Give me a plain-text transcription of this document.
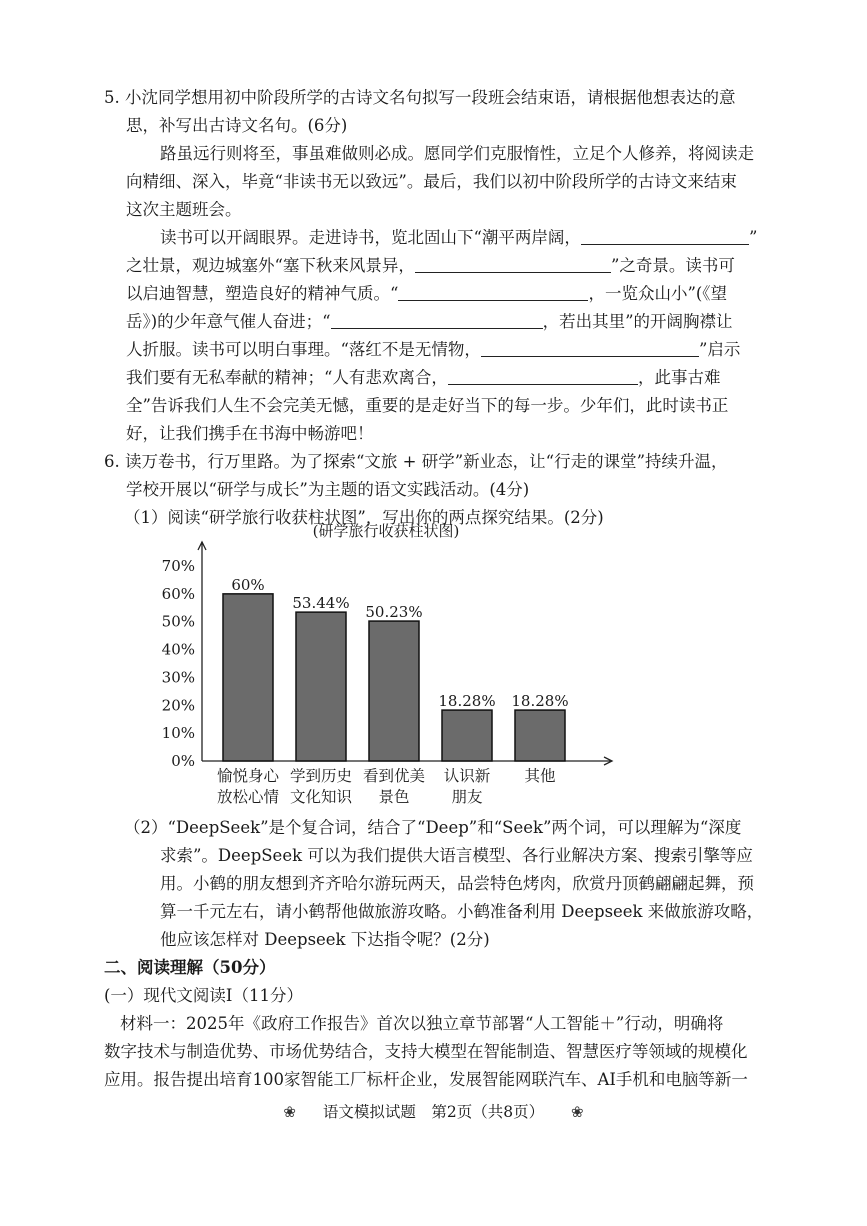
5. 小沈同学想用初中阶段所学的古诗文名句拟写一段班会结束语，请根据他想表达的意
思，补写出古诗文名句。(6分)
路虽远行则将至，事虽难做则必成。愿同学们克服惰性，立足个人修养，将阅读走
向精细、深入，毕竟“非读书无以致远”。最后，我们以初中阶段所学的古诗文来结束
这次主题班会。
读书可以开阔眼界。走进诗书，览北固山下“潮平两岸阔，	”
之壮景，观边城塞外“塞下秋来风景异，	”之奇景。读书可
以启迪智慧，塑造良好的精神气质。“	，一览众山小”(《望
岳》)的少年意气催人奋进；“	，若出其里”的开阔胸襟让
人折服。读书可以明白事理。“落红不是无情物，	”启示
我们要有无私奉献的精神；“人有悲欢离合，	，此事古难
全”告诉我们人生不会完美无憾，重要的是走好当下的每一步。少年们，此时读书正
好，让我们携手在书海中畅游吧！
6. 读万卷书，行万里路。为了探索“文旅 + 研学”新业态，让“行走的课堂”持续升温，
学校开展以“研学与成长”为主题的语文实践活动。(4分)
（1）阅读“研学旅行收获柱状图”，写出你的两点探究结果。(2分)
(研学旅行收获柱状图)
0%
10%
20%
30%
40%
50%
60%
70%
60%
愉悦身心
放松心情
53.44%
学到历史
文化知识
50.23%
看到优美
景色
18.28%
认识新
朋友
18.28%
其他
（2）“DeepSeek”是个复合词，结合了“Deep”和“Seek”两个词，可以理解为“深度
求索”。DeepSeek 可以为我们提供大语言模型、各行业解决方案、搜索引擎等应
用。小鹤的朋友想到齐齐哈尔游玩两天，品尝特色烤肉，欣赏丹顶鹤翩翩起舞，预
算一千元左右，请小鹤帮他做旅游攻略。小鹤准备利用 Deepseek 来做旅游攻略，
他应该怎样对 Deepseek 下达指令呢？(2分)
二、阅读理解（50分）
(一）现代文阅读Ⅰ（11分）
材料一：2025年《政府工作报告》首次以独立章节部署“人工智能＋”行动，明确将
数字技术与制造优势、市场优势结合，支持大模型在智能制造、智慧医疗等领域的规模化
应用。报告提出培育100家智能工厂标杆企业，发展智能网联汽车、AI手机和电脑等新一
❀ 语文模拟试题　第2页（共8页） ❀
